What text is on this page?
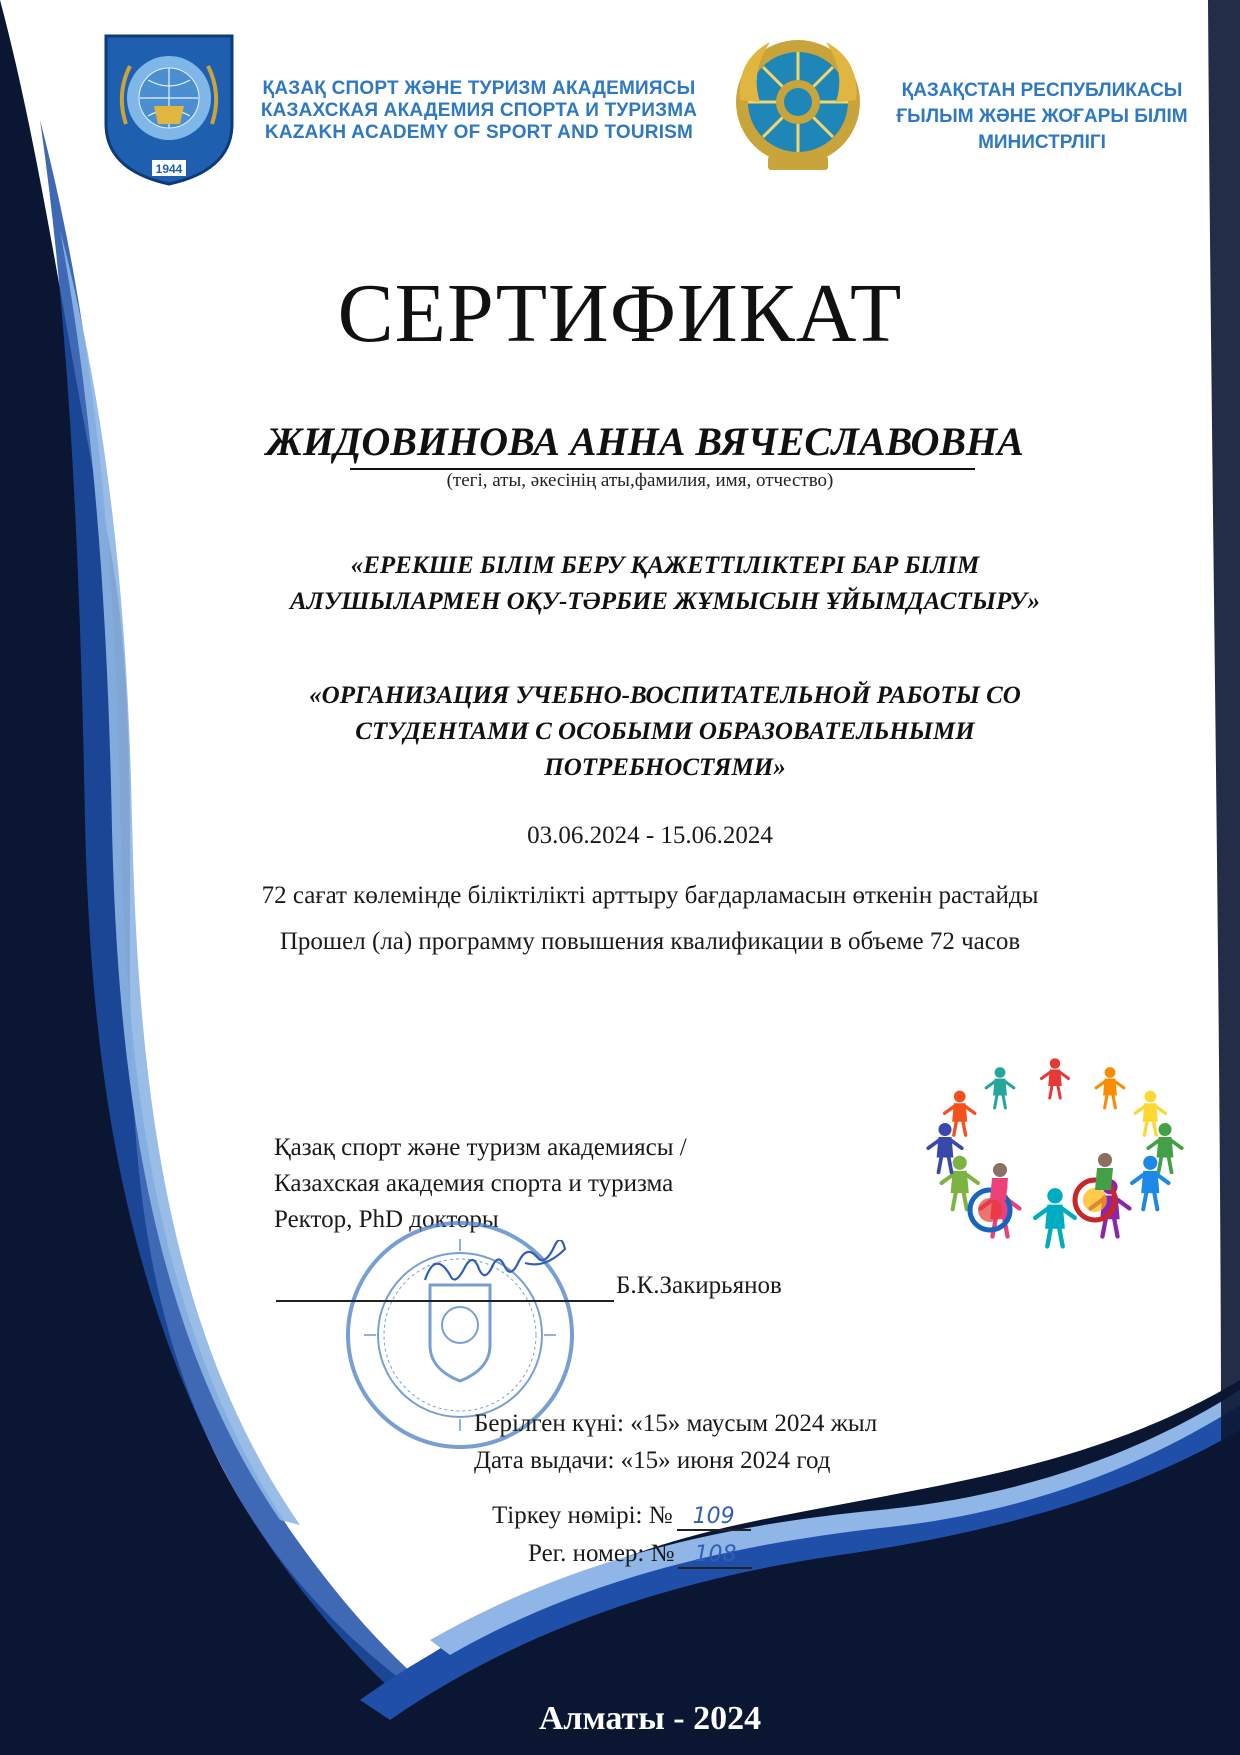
1944
ҚАЗАҚ СПОРТ ЖӘНЕ ТУРИЗМ АКАДЕМИЯСЫ
КАЗАХСКАЯ АКАДЕМИЯ СПОРТА И ТУРИЗМА
KAZAKH ACADEMY OF SPORT AND TOURISM
ҚАЗАҚСТАН РЕСПУБЛИКАСЫ
ҒЫЛЫМ ЖӘНЕ ЖОҒАРЫ БІЛІМ
МИНИСТРЛІГІ
СЕРТИФИКАТ
ЖИДОВИНОВА АННА ВЯЧЕСЛАВОВНА
(тегі, аты, әкесінің аты,фамилия, имя, отчество)
«ЕРЕКШЕ БІЛІМ БЕРУ ҚАЖЕТТІЛІКТЕРІ БАР БІЛІМ
АЛУШЫЛАРМЕН ОҚУ-ТӘРБИЕ ЖҰМЫСЫН ҰЙЫМДАСТЫРУ»
«ОРГАНИЗАЦИЯ УЧЕБНО-ВОСПИТАТЕЛЬНОЙ РАБОТЫ СО
СТУДЕНТАМИ С ОСОБЫМИ ОБРАЗОВАТЕЛЬНЫМИ
ПОТРЕБНОСТЯМИ»
03.06.2024 - 15.06.2024
72 сағат көлемінде біліктілікті арттыру бағдарламасын өткенін растайды
Прошел (ла) программу повышения квалификации в объеме 72 часов
Қазақ спорт және туризм академиясы /
Казахская академия спорта и туризма
Ректор, PhD докторы
Б.К.Закирьянов
Берілген күні: «15» маусым 2024 жыл
Дата выдачи: «15» июня 2024 год
Тіркеу нөмірі: № 109
Рег. номер: № 108
Алматы - 2024
